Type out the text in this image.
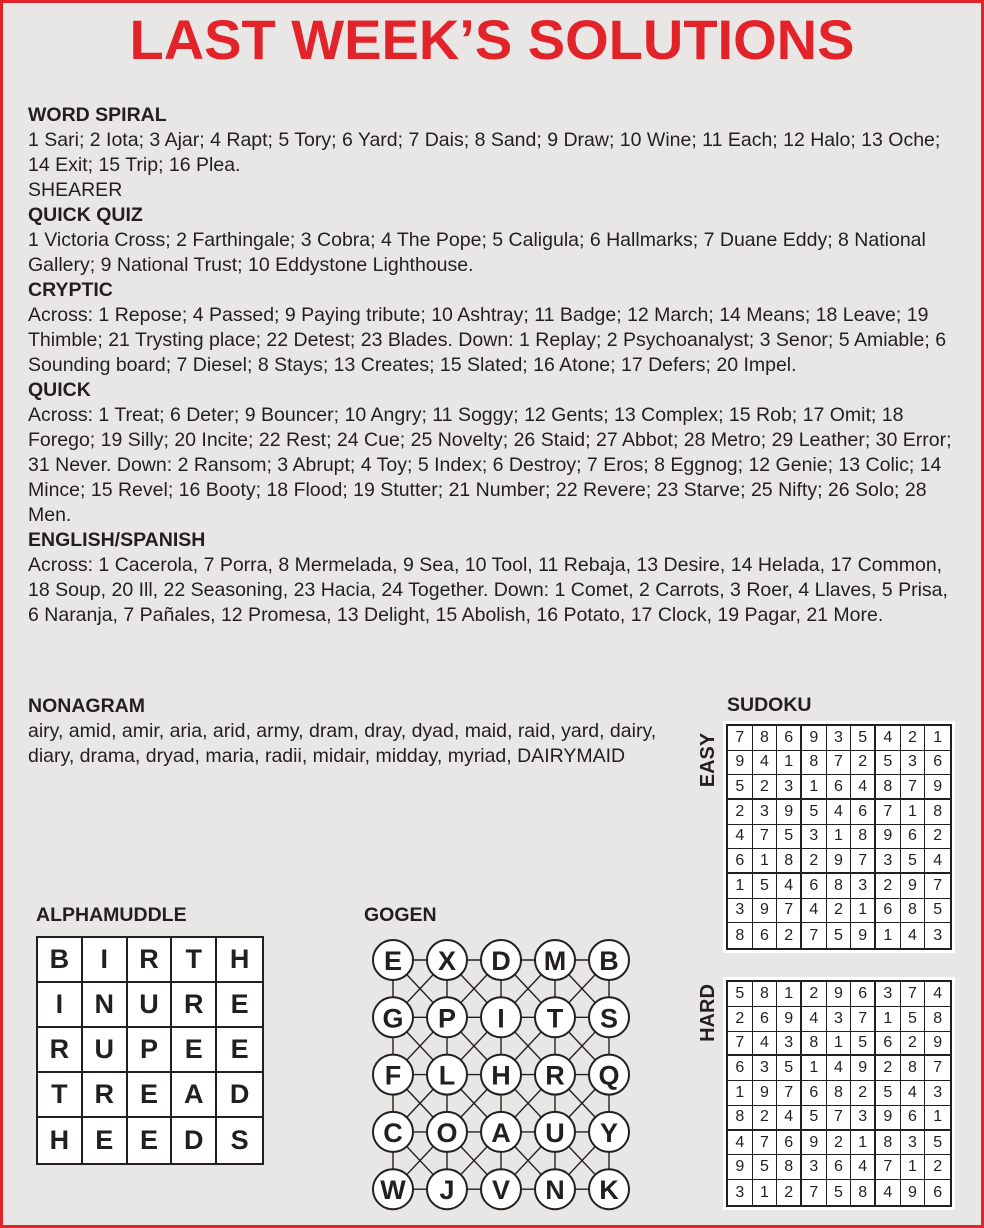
LAST WEEK’S SOLUTIONS
WORD SPIRAL
1 Sari; 2 Iota; 3 Ajar; 4 Rapt; 5 Tory; 6 Yard; 7 Dais; 8 Sand; 9 Draw; 10 Wine; 11 Each; 12 Halo; 13 Oche; 14 Exit; 15 Trip; 16 Plea.
SHEARER
QUICK QUIZ
1 Victoria Cross; 2 Farthingale; 3 Cobra; 4 The Pope; 5 Caligula; 6 Hallmarks; 7 Duane Eddy; 8 National Gallery; 9 National Trust; 10 Eddystone Lighthouse.
CRYPTIC
Across: 1 Repose; 4 Passed; 9 Paying tribute; 10 Ashtray; 11 Badge; 12 March; 14 Means; 18 Leave; 19 Thimble; 21 Trysting place; 22 Detest; 23 Blades. Down: 1 Replay; 2 Psychoanalyst; 3 Senor; 5 Amiable; 6 Sounding board; 7 Diesel; 8 Stays; 13 Creates; 15 Slated; 16 Atone; 17 Defers; 20 Impel.
QUICK
Across: 1 Treat; 6 Deter; 9 Bouncer; 10 Angry; 11 Soggy; 12 Gents; 13 Complex; 15 Rob; 17 Omit; 18 Forego; 19 Silly; 20 Incite; 22 Rest; 24 Cue; 25 Novelty; 26 Staid; 27 Abbot; 28 Metro; 29 Leather; 30 Error; 31 Never. Down: 2 Ransom; 3 Abrupt; 4 Toy; 5 Index; 6 Destroy; 7 Eros; 8 Eggnog; 12 Genie; 13 Colic; 14 Mince; 15 Revel; 16 Booty; 18 Flood; 19 Stutter; 21 Number; 22 Revere; 23 Starve; 25 Nifty; 26 Solo; 28 Men.
ENGLISH/SPANISH
Across: 1 Cacerola, 7 Porra, 8 Mermelada, 9 Sea, 10 Tool, 11 Rebaja, 13 Desire, 14 Helada, 17 Common, 18 Soup, 20 Ill, 22 Seasoning, 23 Hacia, 24 Together. Down: 1 Comet, 2 Carrots, 3 Roer, 4 Llaves, 5 Prisa, 6 Naranja, 7 Pañales, 12 Promesa, 13 Delight, 15 Abolish, 16 Potato, 17 Clock, 19 Pagar, 21 More.
NONAGRAM
airy, amid, amir, aria, arid, army, dram, dray, dyad, maid, raid, yard, dairy, diary, drama, dryad, maria, radii, midair, midday, myriad, DAIRYMAID
SUDOKU
EASY	7 8 6	9 3 5	4 2	1
9 4 1	8 7 2	5 3	6
5 2 3	1 6 4	8 7	9
2 3 9	5 4 6	7 1	8
4 7 5	3 1 8	9 6	2
6 1 8	2 9 7	3 5	4
1 5 4	6 8 3	2 9	7
3 9 7	4 2 1	6 8	5
8 6 2	7 5 9	1 4	3
HARD	5 8 1	2 9 6	3 7	4
2 6 9	4 3 7	1 5	8
7 4 3	8 1 5	6 2	9
6 3 5	1 4 9	2 8	7
1 9 7	6 8 2	5 4	3
8 2 4	5 7 3	9 6	1
4 7 6	9 2 1	8 3	5
9 5 8	3 6 4	7 1	2
3 1 2	7 5 8	4 9	6
ALPHAMUDDLE
B	I	R T	H
I	N U R	E
R U P E	E
T R E A D
H E E D	S
GOGEN
E X D M B
G P I T S
F L H R Q
C O A U Y
W J V N K
